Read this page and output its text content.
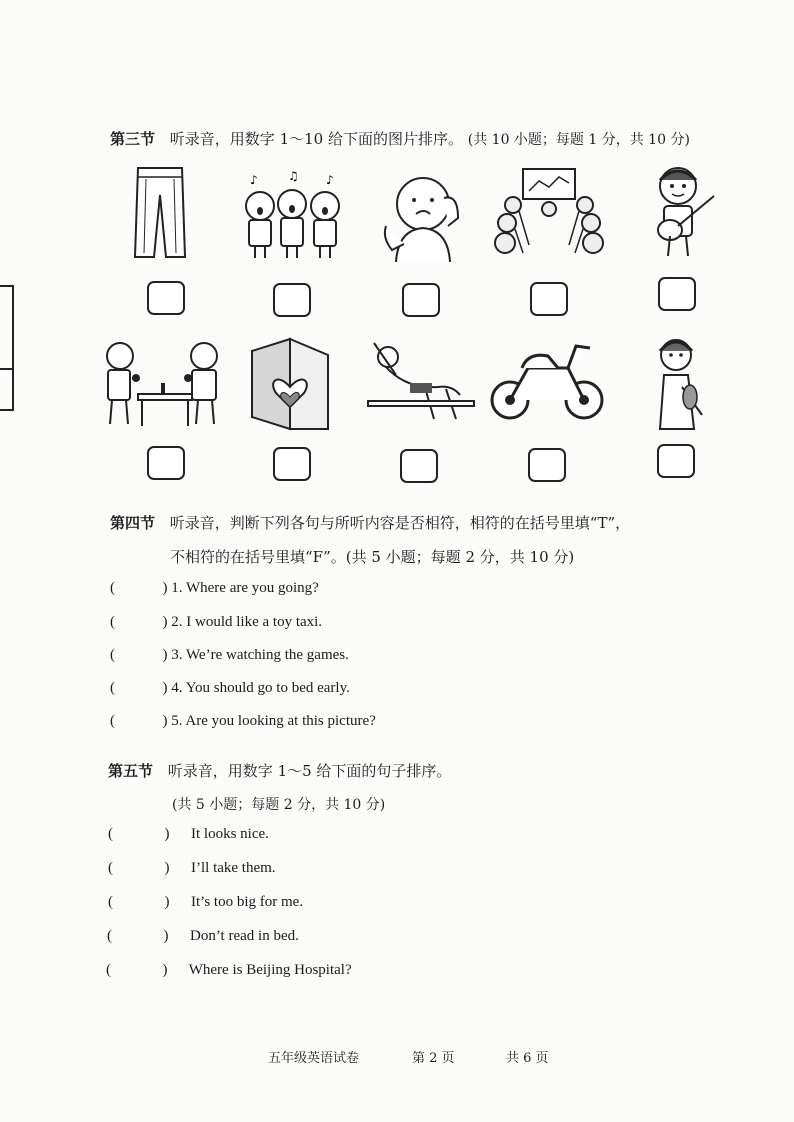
第三节 听录音，用数字 1～10 给下面的图片排序。 (共 10 小题；每题 1 分，共 10 分)
♪	♫ ♪
第四节 听录音，判断下列各句与所听内容是否相符，相符的在括号里填“T”，
不相符的在括号里填“F”。(共 5 小题；每题 2 分，共 10 分)
(	) 1. Where are you going?
(	) 2. I would like a toy taxi.
(	) 3. We’re watching the games.
(	) 4. You should go to bed early.
(	) 5. Are you looking at this picture?
第五节 听录音，用数字 1～5 给下面的句子排序。
(共 5 小题；每题 2 分，共 10 分)
(	) It looks nice.
(	) I’ll take them.
(	) It’s too big for me.
(	) Don’t read in bed.
(	) Where is Beijing Hospital?
五年级英语试卷	第 2 页	共 6 页
